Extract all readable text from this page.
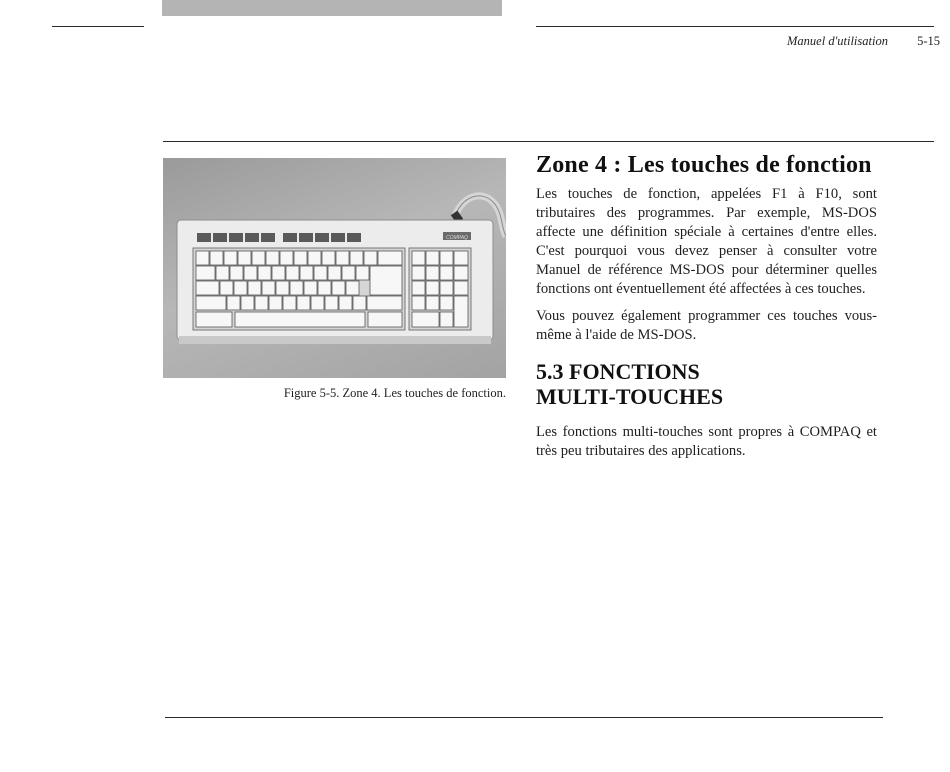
Manuel d'utilisation 5-15
COMPAQ
Figure 5-5. Zone 4. Les touches de fonction.
Zone 4 : Les touches de fonction

Les touches de fonction, appelées F1 à F10, sont tributaires des programmes. Par exemple, MS-DOS affecte une définition spéciale à certaines d'entre elles. C'est pourquoi vous devez penser à consulter votre Manuel de référence MS-DOS pour déterminer quelles fonctions ont éventuellement été affectées à ces touches.

Vous pouvez également programmer ces touches vous-même à l'aide de MS-DOS.

5.3 FONCTIONS
MULTI-TOUCHES

Les fonctions multi-touches sont propres à COMPAQ et très peu tributaires des applications.
